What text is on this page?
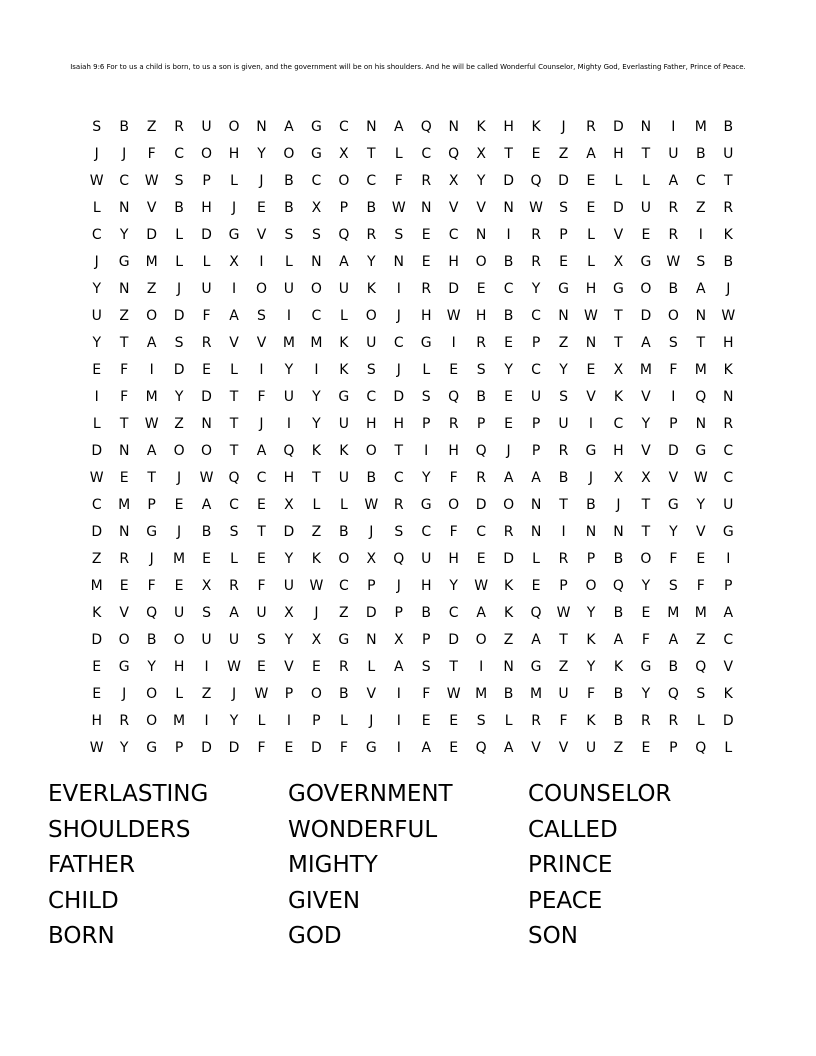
Isaiah 9:6 For to us a child is born, to us a son is given, and the government will be on his shoulders. And he will be called Wonderful Counselor, Mighty God, Everlasting Father, Prince of Peace.
S	B	Z	R	U	O	N	A	G	C	N	A	Q	N	K	H	K	J	R	D	N	I	M	B
J	J	F	C	O	H	Y	O	G	X	T	L	C	Q	X	T	E	Z	A	H	T	U	B	U
W	C	W	S	P	L	J	B	C	O	C	F	R	X	Y	D	Q	D	E	L	L	A	C	T
L	N	V	B	H	J	E	B	X	P	B	W	N	V	V	N	W	S	E	D	U	R	Z	R
C	Y	D	L	D	G	V	S	S	Q	R	S	E	C	N	I	R	P	L	V	E	R	I	K
J	G	M	L	L	X	I	L	N	A	Y	N	E	H	O	B	R	E	L	X	G	W	S	B
Y	N	Z	J	U	I	O	U	O	U	K	I	R	D	E	C	Y	G	H	G	O	B	A	J
U	Z	O	D	F	A	S	I	C	L	O	J	H	W	H	B	C	N	W	T	D	O	N	W
Y	T	A	S	R	V	V	M	M	K	U	C	G	I	R	E	P	Z	N	T	A	S	T	H
E	F	I	D	E	L	I	Y	I	K	S	J	L	E	S	Y	C	Y	E	X	M	F	M	K
I	F	M	Y	D	T	F	U	Y	G	C	D	S	Q	B	E	U	S	V	K	V	I	Q	N
L	T	W	Z	N	T	J	I	Y	U	H	H	P	R	P	E	P	U	I	C	Y	P	N	R
D	N	A	O	O	T	A	Q	K	K	O	T	I	H	Q	J	P	R	G	H	V	D	G	C
W	E	T	J	W	Q	C	H	T	U	B	C	Y	F	R	A	A	B	J	X	X	V	W	C
C	M	P	E	A	C	E	X	L	L	W	R	G	O	D	O	N	T	B	J	T	G	Y	U
D	N	G	J	B	S	T	D	Z	B	J	S	C	F	C	R	N	I	N	N	T	Y	V	G
Z	R	J	M	E	L	E	Y	K	O	X	Q	U	H	E	D	L	R	P	B	O	F	E	I
M	E	F	E	X	R	F	U	W	C	P	J	H	Y	W	K	E	P	O	Q	Y	S	F	P
K	V	Q	U	S	A	U	X	J	Z	D	P	B	C	A	K	Q	W	Y	B	E	M	M	A
D	O	B	O	U	U	S	Y	X	G	N	X	P	D	O	Z	A	T	K	A	F	A	Z	C
E	G	Y	H	I	W	E	V	E	R	L	A	S	T	I	N	G	Z	Y	K	G	B	Q	V
E	J	O	L	Z	J	W	P	O	B	V	I	F	W	M	B	M	U	F	B	Y	Q	S	K
H	R	O	M	I	Y	L	I	P	L	J	I	E	E	S	L	R	F	K	B	R	R	L	D
W	Y	G	P	D	D	F	E	D	F	G	I	A	E	Q	A	V	V	U	Z	E	P	Q	L
EVERLASTING	GOVERNMENT	COUNSELOR
SHOULDERS	WONDERFUL	CALLED
FATHER	MIGHTY	PRINCE
CHILD	GIVEN	PEACE
BORN	GOD	SON
